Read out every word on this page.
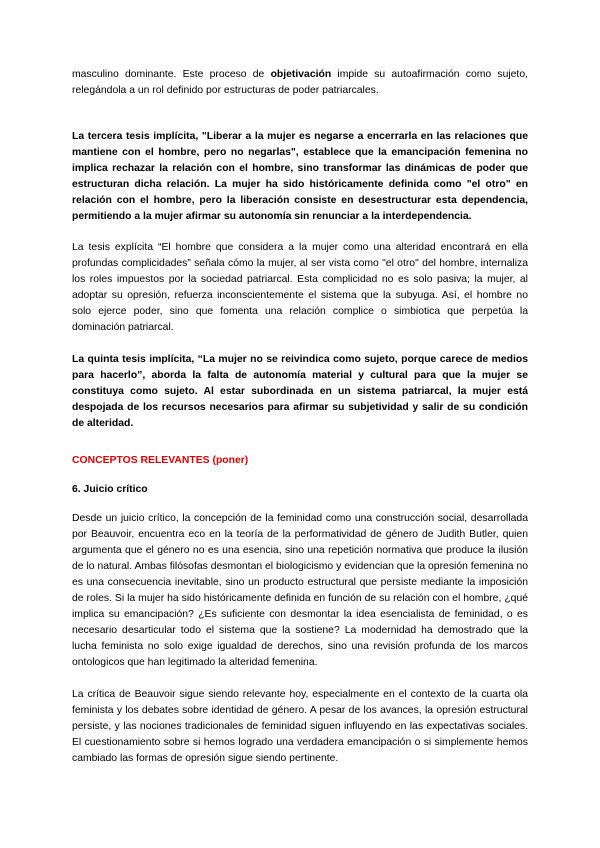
masculino dominante. Este proceso de objetivación impide su autoafirmación como sujeto, relegándola a un rol definido por estructuras de poder patriarcales.

La tercera tesis implícita, "Liberar a la mujer es negarse a encerrarla en las relaciones que mantiene con el hombre, pero no negarlas", establece que la emancipación femenina no implica rechazar la relación con el hombre, sino transformar las dinámicas de poder que estructuran dicha relación. La mujer ha sido históricamente definida como "el otro" en relación con el hombre, pero la liberación consiste en desestructurar esta dependencia, permitiendo a la mujer afirmar su autonomía sin renunciar a la interdependencia.

La tesis explícita “El hombre que considera a la mujer como una alteridad encontrará en ella profundas complicidades” señala cómo la mujer, al ser vista como "el otro" del hombre, internaliza los roles impuestos por la sociedad patriarcal. Esta complicidad no es solo pasiva; la mujer, al adoptar su opresión, refuerza inconscientemente el sistema que la subyuga. Así, el hombre no solo ejerce poder, sino que fomenta una relación complice o simbiotica que perpetúa la dominación patriarcal.

La quinta tesis implícita, “La mujer no se reivindica como sujeto, porque carece de medios para hacerlo”, aborda la falta de autonomía material y cultural para que la mujer se constituya como sujeto. Al estar subordinada en un sistema patriarcal, la mujer está despojada de los recursos necesarios para afirmar su subjetividad y salir de su condición de alteridad.

CONCEPTOS RELEVANTES (poner)

6. Juicio crítico

Desde un juicio crítico, la concepción de la feminidad como una construcción social, desarrollada por Beauvoir, encuentra eco en la teoría de la performatividad de género de Judith Butler, quien argumenta que el género no es una esencia, sino una repetición normativa que produce la ilusión de lo natural. Ambas filósofas desmontan el biologicismo y evidencian que la opresión femenina no es una consecuencia inevitable, sino un producto estructural que persiste mediante la imposición de roles. Si la mujer ha sido históricamente definida en función de su relación con el hombre, ¿qué implica su emancipación? ¿Es suficiente con desmontar la idea esencialista de feminidad, o es necesario desarticular todo el sistema que la sostiene? La modernidad ha demostrado que la lucha feminista no solo exige igualdad de derechos, sino una revisión profunda de los marcos ontologicos que han legitimado la alteridad femenina.

La crítica de Beauvoir sigue siendo relevante hoy, especialmente en el contexto de la cuarta ola feminista y los debates sobre identidad de género. A pesar de los avances, la opresión estructural persiste, y las nociones tradicionales de feminidad siguen influyendo en las expectativas sociales. El cuestionamiento sobre si hemos logrado una verdadera emancipación o si simplemente hemos cambiado las formas de opresión sigue siendo pertinente.
